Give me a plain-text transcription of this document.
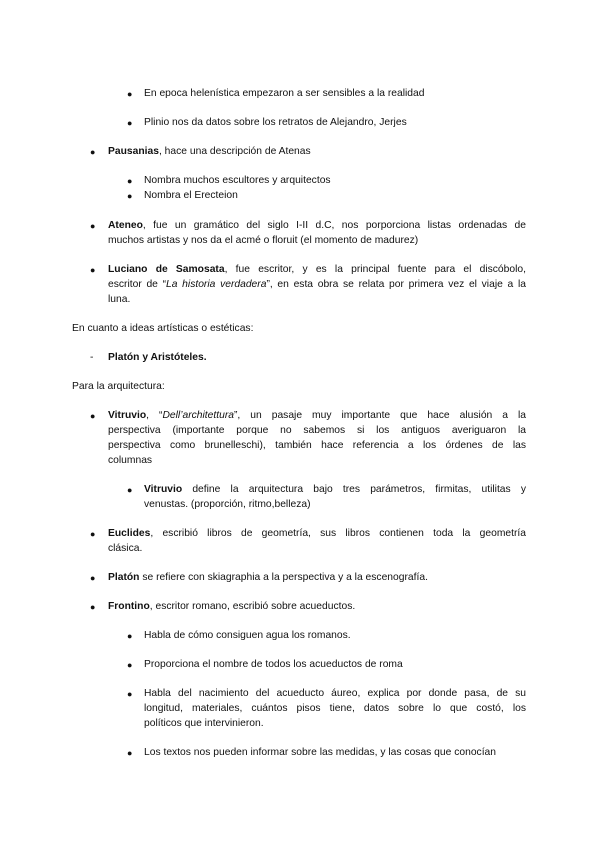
● En epoca helenística empezaron a ser sensibles a la realidad
● Plinio nos da datos sobre los retratos de Alejandro, Jerjes
● Pausanias, hace una descripción de Atenas
● Nombra muchos escultores y arquitectos
● Nombra el Erecteion
● Ateneo, fue un gramático del siglo I-II d.C, nos porporciona listas ordenadas de
muchos artistas y nos da el acmé o floruit (el momento de madurez)
● Luciano de Samosata, fue escritor, y es la principal fuente para el discóbolo,
escritor de “La historia verdadera”, en esta obra se relata por primera vez el viaje a la
luna.
En cuanto a ideas artísticas o estéticas:
- Platón y Aristóteles.
Para la arquitectura:
● Vitruvio, “Dell’architettura”, un pasaje muy importante que hace alusión a la
perspectiva (importante porque no sabemos si los antiguos averiguaron la
perspectiva como brunelleschi), también hace referencia a los órdenes de las
columnas
● Vitruvio define la arquitectura bajo tres parámetros, firmitas, utilitas y
venustas. (proporción, ritmo,belleza)
● Euclides, escribió libros de geometría, sus libros contienen toda la geometría
clásica.
● Platón se refiere con skiagraphia a la perspectiva y a la escenografía.
● Frontino, escritor romano, escribió sobre acueductos.
● Habla de cómo consiguen agua los romanos.
● Proporciona el nombre de todos los acueductos de roma
● Habla del nacimiento del acueducto áureo, explica por donde pasa, de su
longitud, materiales, cuántos pisos tiene, datos sobre lo que costó, los
políticos que intervinieron.
● Los textos nos pueden informar sobre las medidas, y las cosas que conocían
